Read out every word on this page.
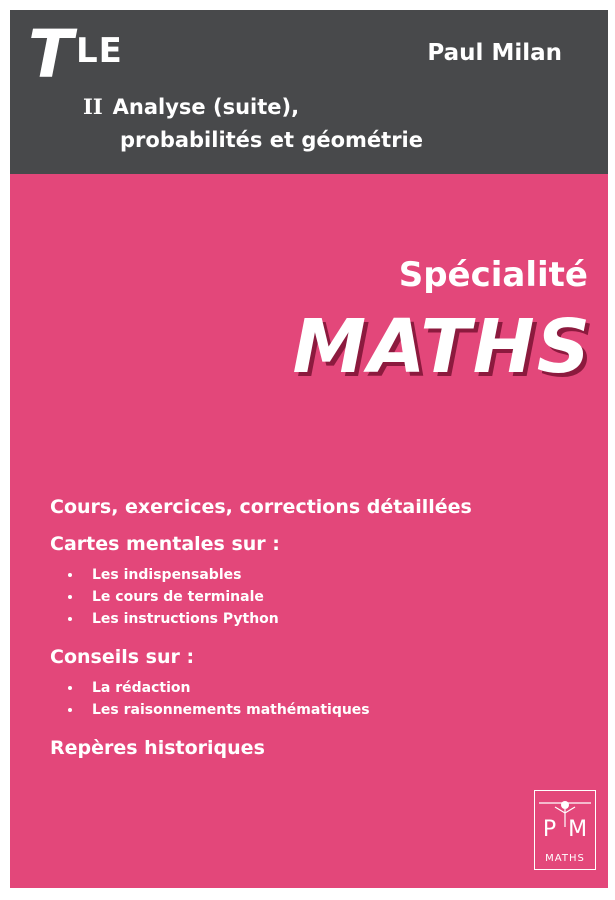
T LE	Paul Milan
II Analyse (suite),
probabilités et géométrie
Spécialité
MATHS

Cours, exercices, corrections détaillées

Cartes mentales sur :

Les indispensables
Le cours de terminale
Les instructions Python

Conseils sur :

La rédaction
Les raisonnements mathématiques

Repères historiques

P M
MATHS
